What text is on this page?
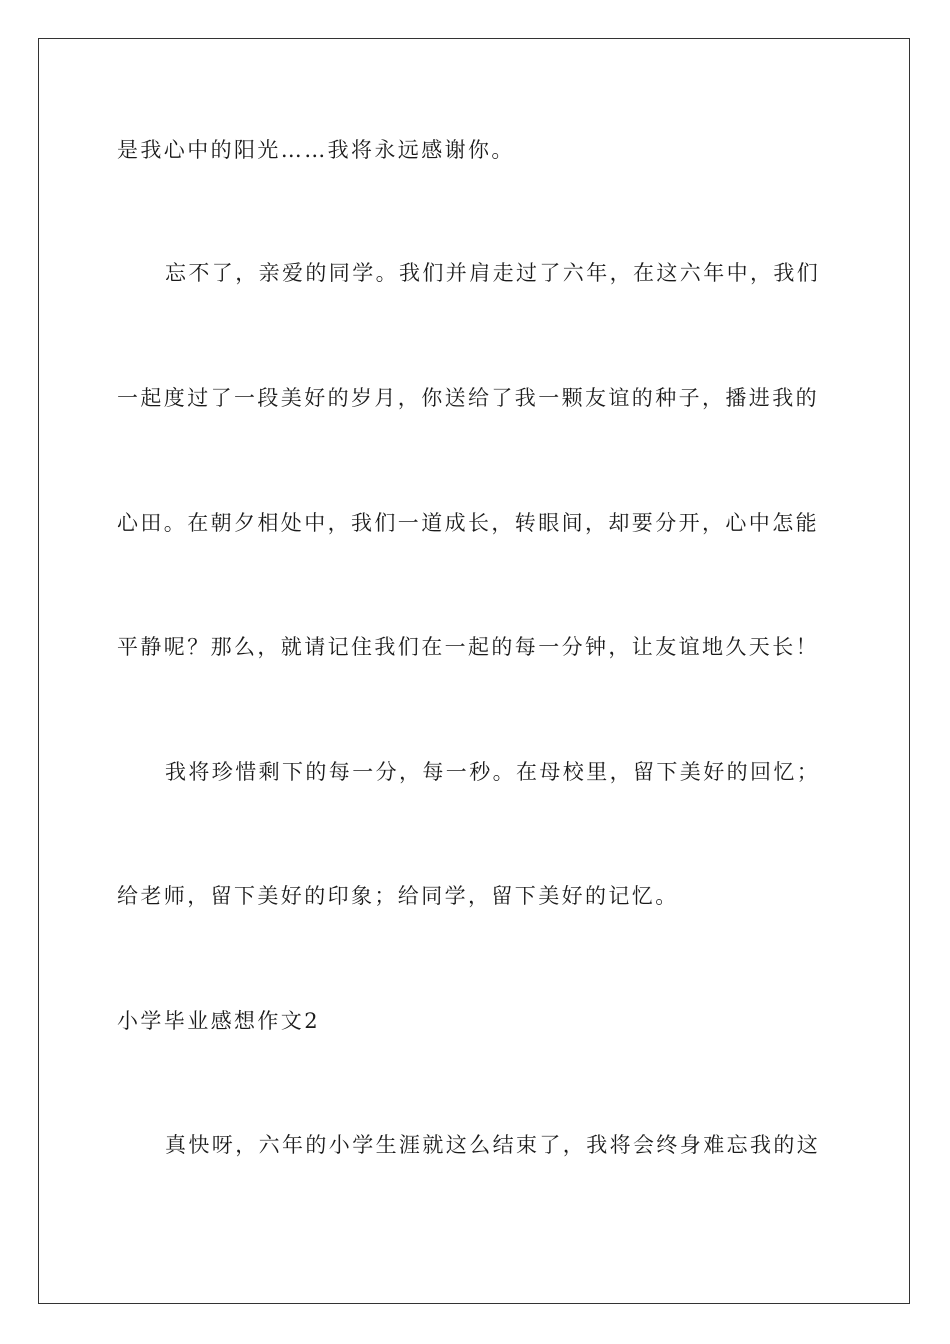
是我心中的阳光……我将永远感谢你。
忘不了，亲爱的同学。我们并肩走过了六年，在这六年中，我们
一起度过了一段美好的岁月，你送给了我一颗友谊的种子，播进我的
心田。在朝夕相处中，我们一道成长，转眼间，却要分开，心中怎能
平静呢？那么，就请记住我们在一起的每一分钟，让友谊地久天长！
我将珍惜剩下的每一分，每一秒。在母校里，留下美好的回忆；
给老师，留下美好的印象；给同学，留下美好的记忆。
小学毕业感想作文2
真快呀，六年的小学生涯就这么结束了，我将会终身难忘我的这
